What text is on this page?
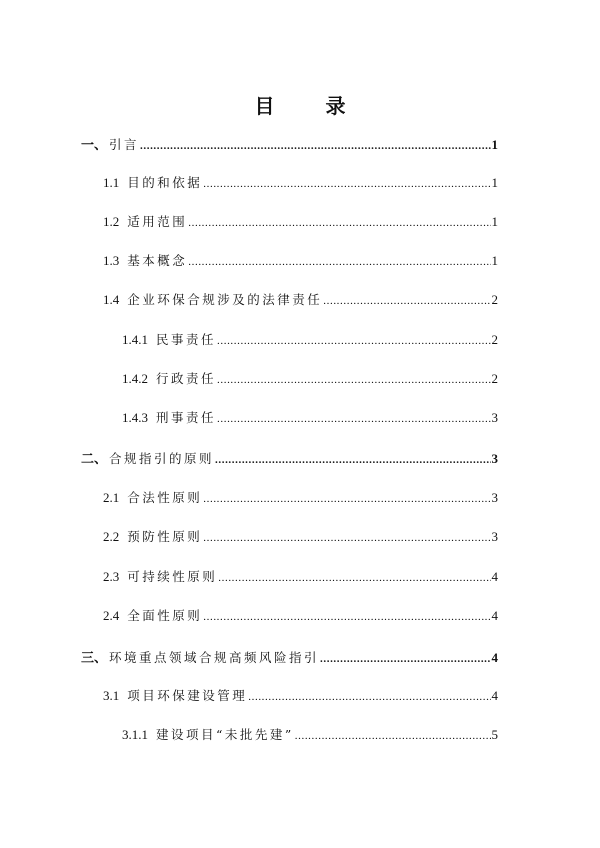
目 录
一、 引言 .....	1
1.1 目的和依据 .....	1
1.2 适用范围 .....	1
1.3 基本概念 .....	1
1.4 企业环保合规涉及的法律责任 .....	2
1.4.1 民事责任 .....	2
1.4.2 行政责任 .....	2
1.4.3 刑事责任 .....	3
二、 合规指引的原则 .....	3
2.1 合法性原则 .....	3
2.2 预防性原则 .....	3
2.3 可持续性原则 .....	4
2.4 全面性原则 .....	4
三、 环境重点领域合规高频风险指引 .....	4
3.1 项目环保建设管理 .....	4
3.1.1 建设项目“未批先建” .....	5
